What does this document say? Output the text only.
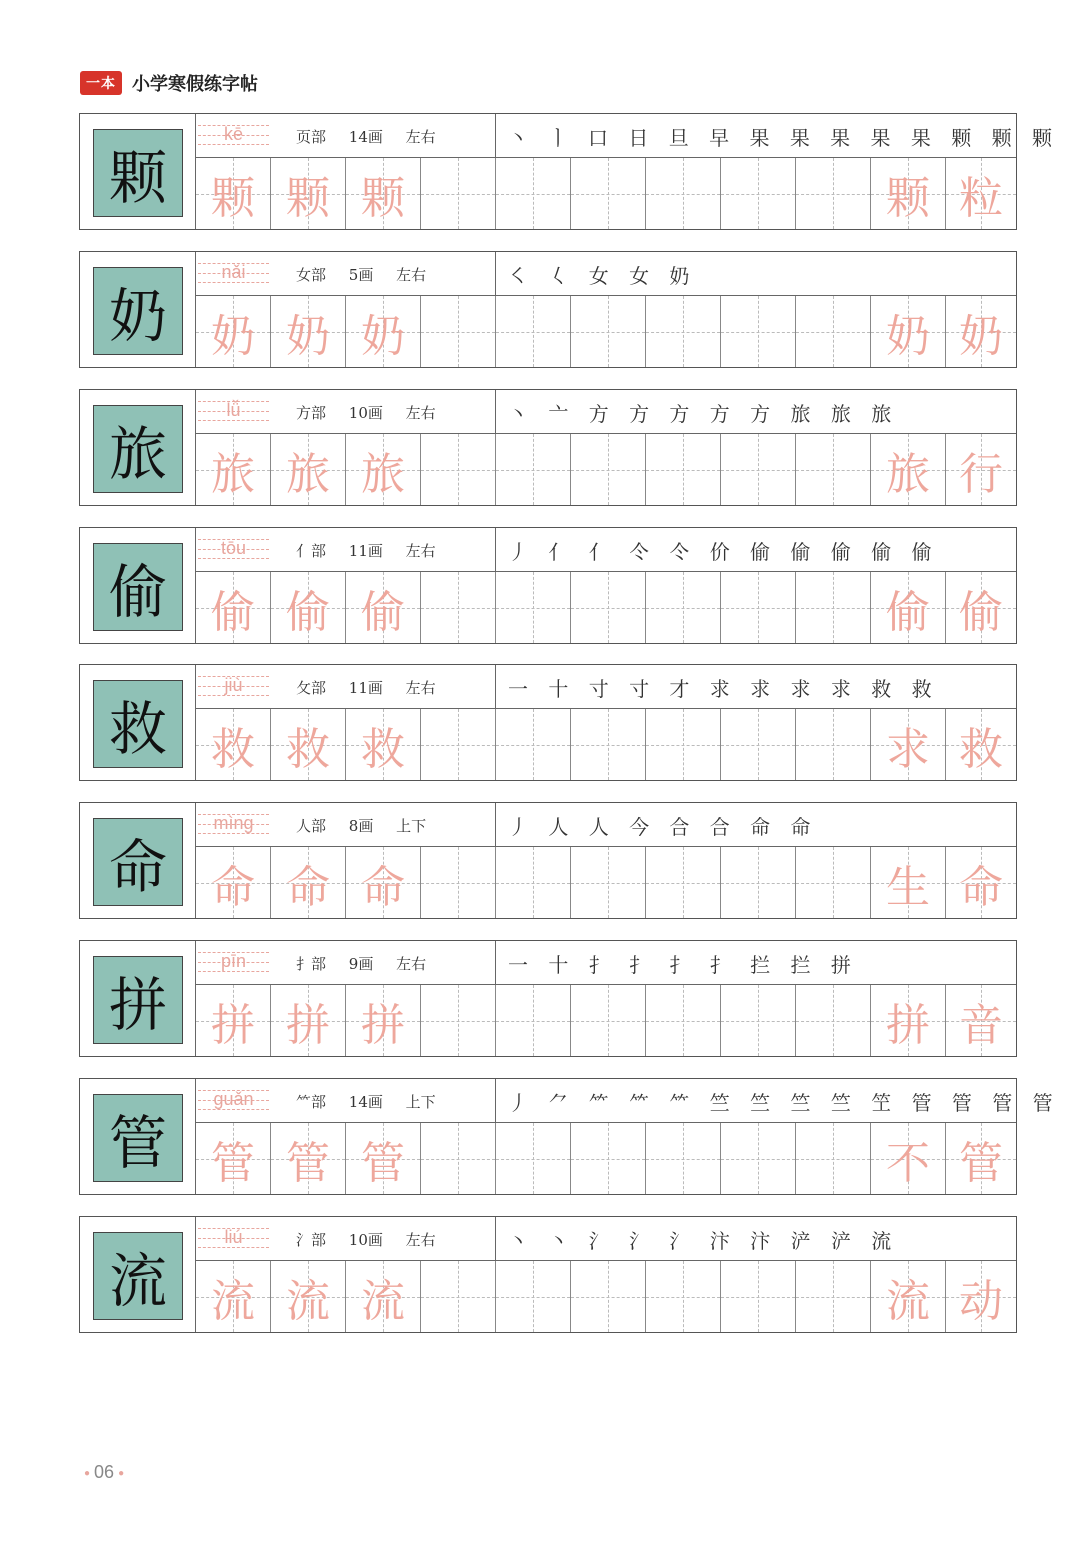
一本 小学寒假练字帖
颗
kē	页部 14画 左右	丶 ㅣ 口 日 旦 早 果 果 果 果 果 颗 颗 颗
颗 颗 颗	颗 粒
奶
nǎi	女部 5画 左右	㇛ 𡿨 女 女 奶
奶 奶 奶	奶 奶
旅
lǚ	方部 10画 左右	丶 亠 方 方 方 方 方 旅 旅 旅
旅 旅 旅	旅 行
偷
tōu	亻部 11画 左右	丿 亻 亻 仒 仒 价 偷 偷 偷 偷 偷
偷 偷 偷	偷 偷
救
jiù	攵部 11画 左右	一 十 寸 寸 才 求 求 求 求 救 救
救 救 救	求 救
命
mìng	人部 8画 上下	丿 人 人 今 合 合 命 命
命 命 命	生 命
拼
pīn	扌部 9画 左右	一 十 扌 扌 扌 扌 拦 拦 拼
拼 拼 拼	拼 音
管
guǎn	⺮部 14画 上下	丿 ⺈ ⺮ ⺮ ⺮ 竺 竺 竺 竺 笁 管 管 管 管
管 管 管	不 管
流
liú	氵部 10画 左右	丶 丶 氵 氵 氵 汴 汴 浐 浐 流
流 流 流	流 动
● 06 ●
